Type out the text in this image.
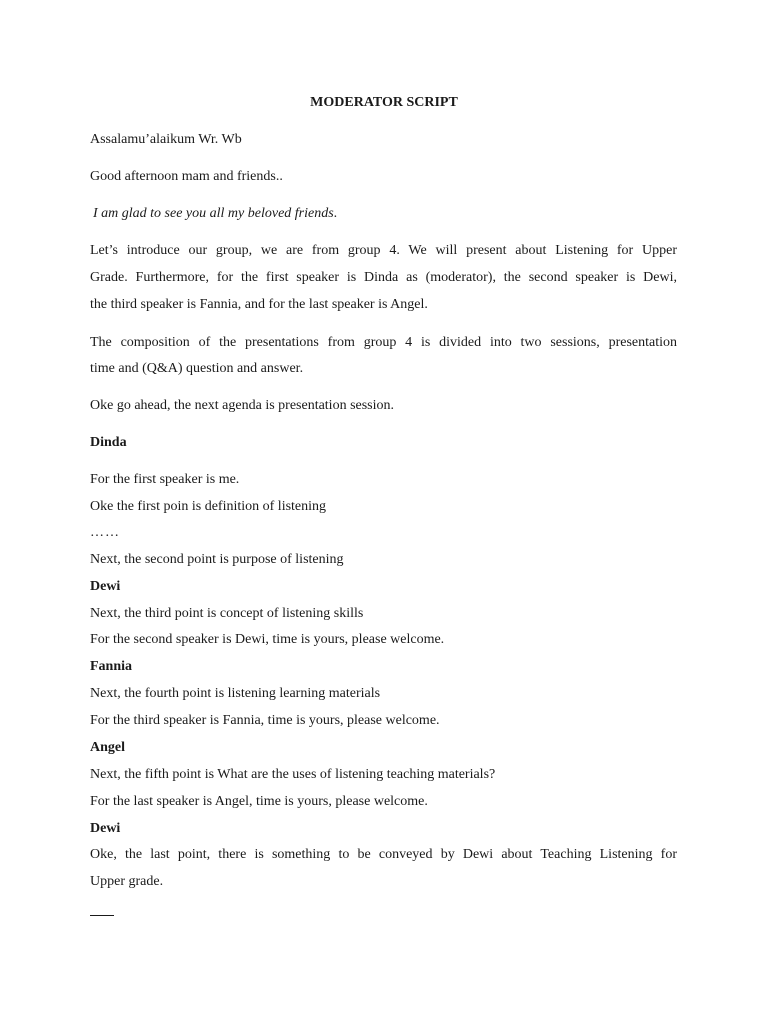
MODERATOR SCRIPT
Assalamu’alaikum Wr. Wb
Good afternoon mam and friends..
I am glad to see you all my beloved friends.
Let’s introduce our group, we are from group 4. We will present about Listening for Upper
Grade. Furthermore, for the first speaker is Dinda as (moderator), the second speaker is Dewi,
the third speaker is Fannia, and for the last speaker is Angel.
The composition of the presentations from group 4 is divided into two sessions, presentation
time and (Q&A) question and answer.
Oke go ahead, the next agenda is presentation session.
Dinda
For the first speaker is me.
Oke the first poin is definition of listening
……
Next, the second point is purpose of listening
Dewi
Next, the third point is concept of listening skills
For the second speaker is Dewi, time is yours, please welcome.
Fannia
Next, the fourth point is listening learning materials
For the third speaker is Fannia, time is yours, please welcome.
Angel
Next, the fifth point is What are the uses of listening teaching materials?
For the last speaker is Angel, time is yours, please welcome.
Dewi
Oke, the last point, there is something to be conveyed by Dewi about Teaching Listening for
Upper grade.
